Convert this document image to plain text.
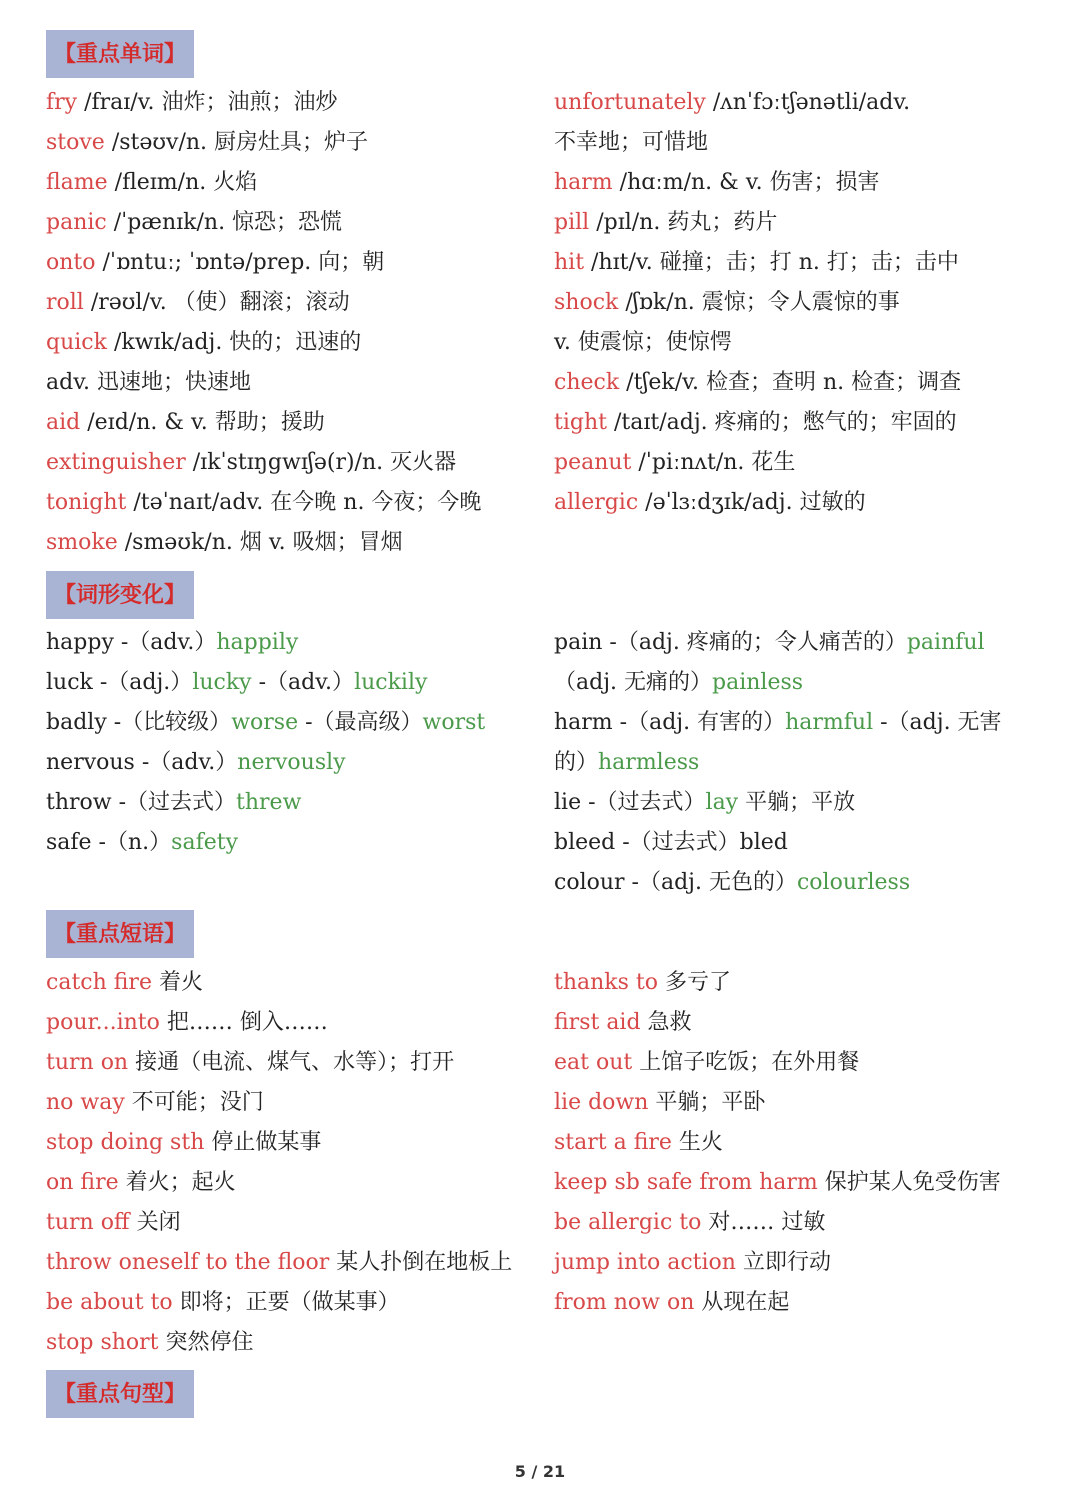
【重点单词】
fry /fraɪ/v. 油炸；油煎；油炒
stove /stəʊv/n. 厨房灶具；炉子
flame /fleɪm/n. 火焰
panic /ˈpænɪk/n. 惊恐；恐慌
onto /ˈɒntuː; ˈɒntə/prep. 向；朝
roll /rəʊl/v. （使）翻滚；滚动
quick /kwɪk/adj. 快的；迅速的
adv. 迅速地；快速地
aid /eɪd/n. & v. 帮助；援助
extinguisher /ɪkˈstɪŋgwɪʃə(r)/n. 灭火器
tonight /təˈnaɪt/adv. 在今晚 n. 今夜；今晚
smoke /sməʊk/n. 烟 v. 吸烟；冒烟
unfortunately /ʌnˈfɔːtʃənətli/adv.
不幸地；可惜地
harm /hɑːm/n. & v. 伤害；损害
pill /pɪl/n. 药丸；药片
hit /hɪt/v. 碰撞；击；打 n. 打；击；击中
shock /ʃɒk/n. 震惊；令人震惊的事
v. 使震惊；使惊愕
check /tʃek/v. 检查；查明 n. 检查；调查
tight /taɪt/adj. 疼痛的；憋气的；牢固的
peanut /ˈpiːnʌt/n. 花生
allergic /əˈlɜːdʒɪk/adj. 过敏的
【词形变化】
happy -（adv.）happily
luck -（adj.）lucky -（adv.）luckily
badly -（比较级）worse -（最高级）worst
nervous -（adv.）nervously
throw -（过去式）threw
safe -（n.）safety
pain -（adj. 疼痛的；令人痛苦的）painful
（adj. 无痛的）painless
harm -（adj. 有害的）harmful -（adj. 无害
的）harmless
lie -（过去式）lay 平躺；平放
bleed -（过去式）bled
colour -（adj. 无色的）colourless
【重点短语】
catch fire 着火
pour...into 把…… 倒入……
turn on 接通（电流、煤气、水等）；打开
no way 不可能；没门
stop doing sth 停止做某事
on fire 着火；起火
turn off 关闭
throw oneself to the floor 某人扑倒在地板上
be about to 即将；正要（做某事）
stop short 突然停住
thanks to 多亏了
first aid 急救
eat out 上馆子吃饭；在外用餐
lie down 平躺；平卧
start a fire 生火
keep sb safe from harm 保护某人免受伤害
be allergic to 对…… 过敏
jump into action 立即行动
from now on 从现在起
【重点句型】
5 / 21
